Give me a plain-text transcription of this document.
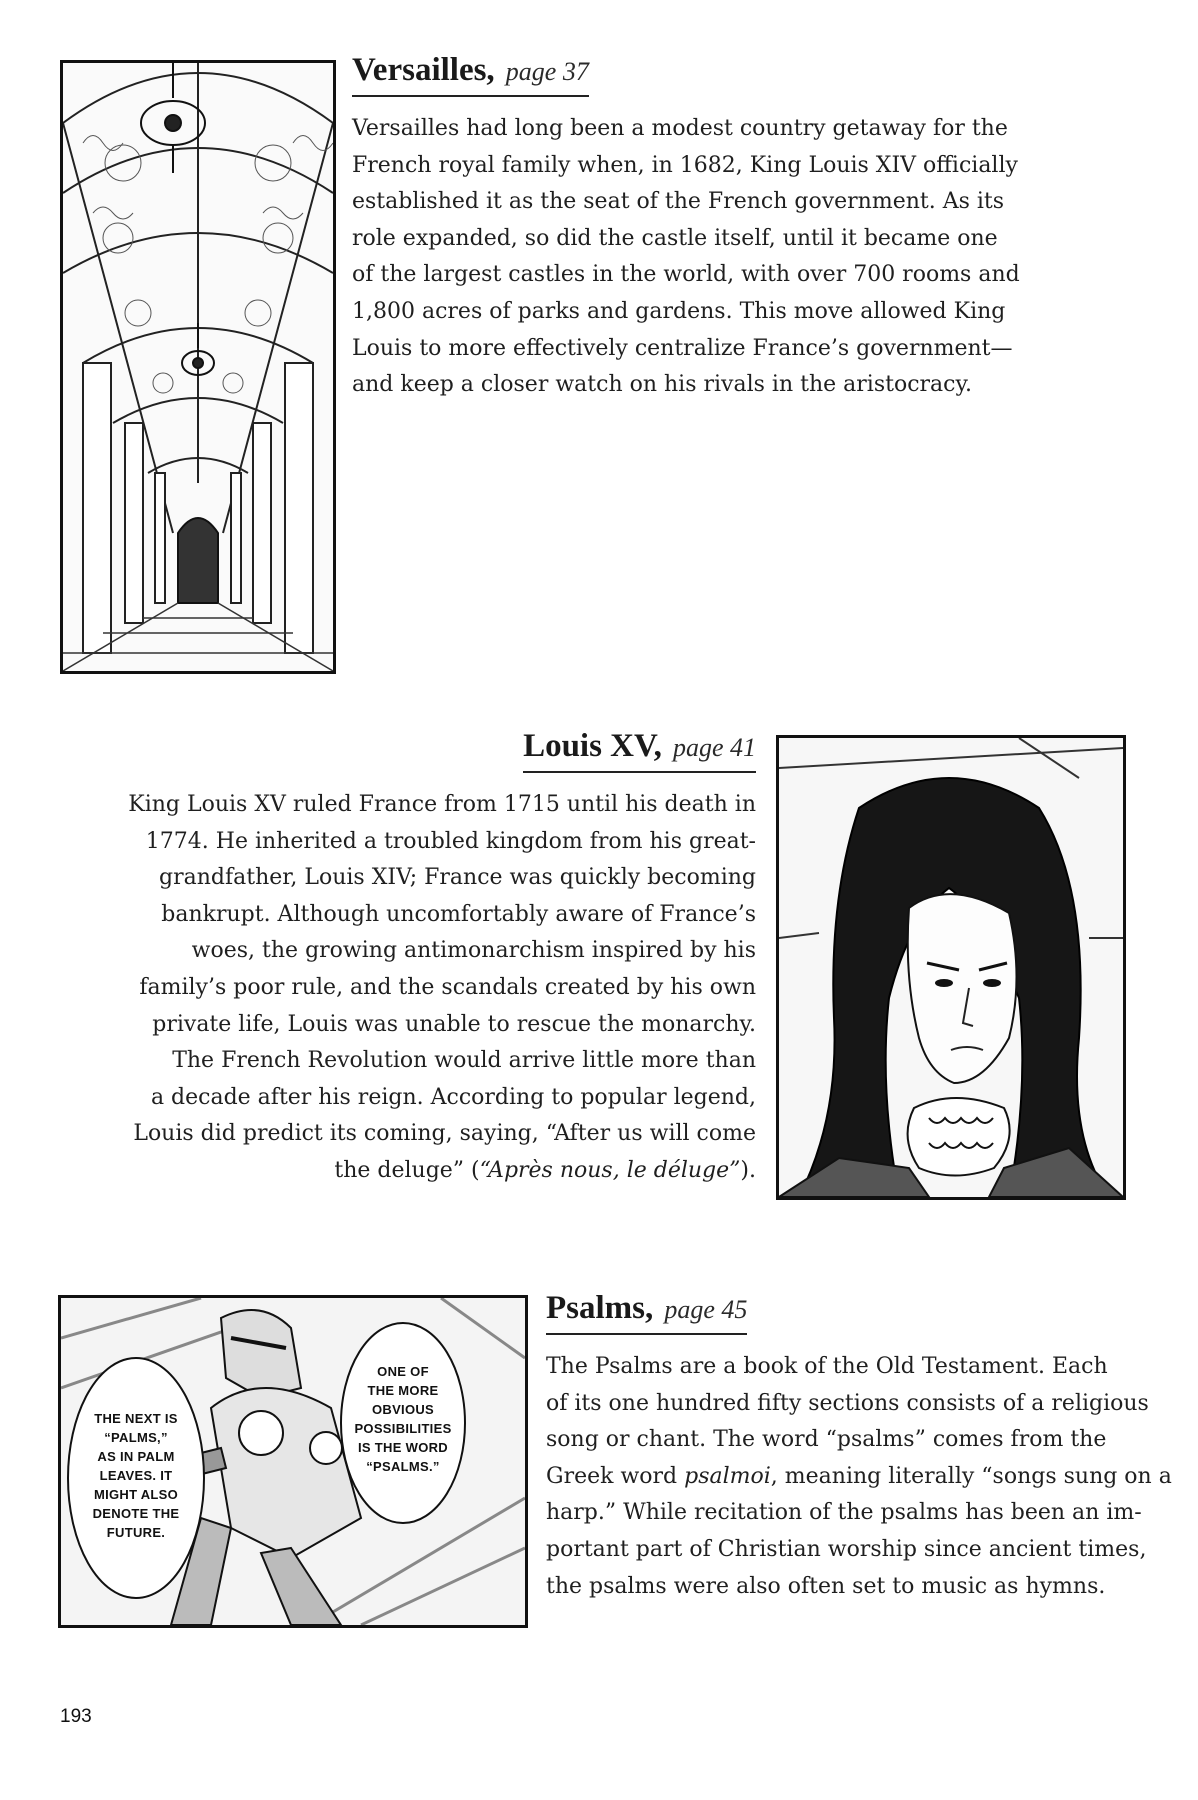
Versailles, page 37

Versailles had long been a modest country getaway for the
French royal family when, in 1682, King Louis XIV officially
established it as the seat of the French government. As its
role expanded, so did the castle itself, until it became one
of the largest castles in the world, with over 700 rooms and
1,800 acres of parks and gardens. This move allowed King
Louis to more effectively centralize France’s government—
and keep a closer watch on his rivals in the aristocracy.

Louis XV, page 41

King Louis XV ruled France from 1715 until his death in
1774. He inherited a troubled kingdom from his great-
grandfather, Louis XIV; France was quickly becoming
bankrupt. Although uncomfortably aware of France’s
woes, the growing antimonarchism inspired by his
family’s poor rule, and the scandals created by his own
private life, Louis was unable to rescue the monarchy.
The French Revolution would arrive little more than
a decade after his reign. According to popular legend,
Louis did predict its coming, saying, “After us will come
the deluge” (“Après nous, le déluge”).

THE NEXT IS
“PALMS,”
AS IN PALM
LEAVES. IT
MIGHT ALSO
DENOTE THE
FUTURE.
ONE OF
THE MORE
OBVIOUS
POSSIBILITIES
IS THE WORD
“PSALMS.”
Psalms, page 45

The Psalms are a book of the Old Testament. Each
of its one hundred fifty sections consists of a religious
song or chant. The word “psalms” comes from the
Greek word psalmoi, meaning literally “songs sung on a
harp.” While recitation of the psalms has been an im-
portant part of Christian worship since ancient times,
the psalms were also often set to music as hymns.

193
